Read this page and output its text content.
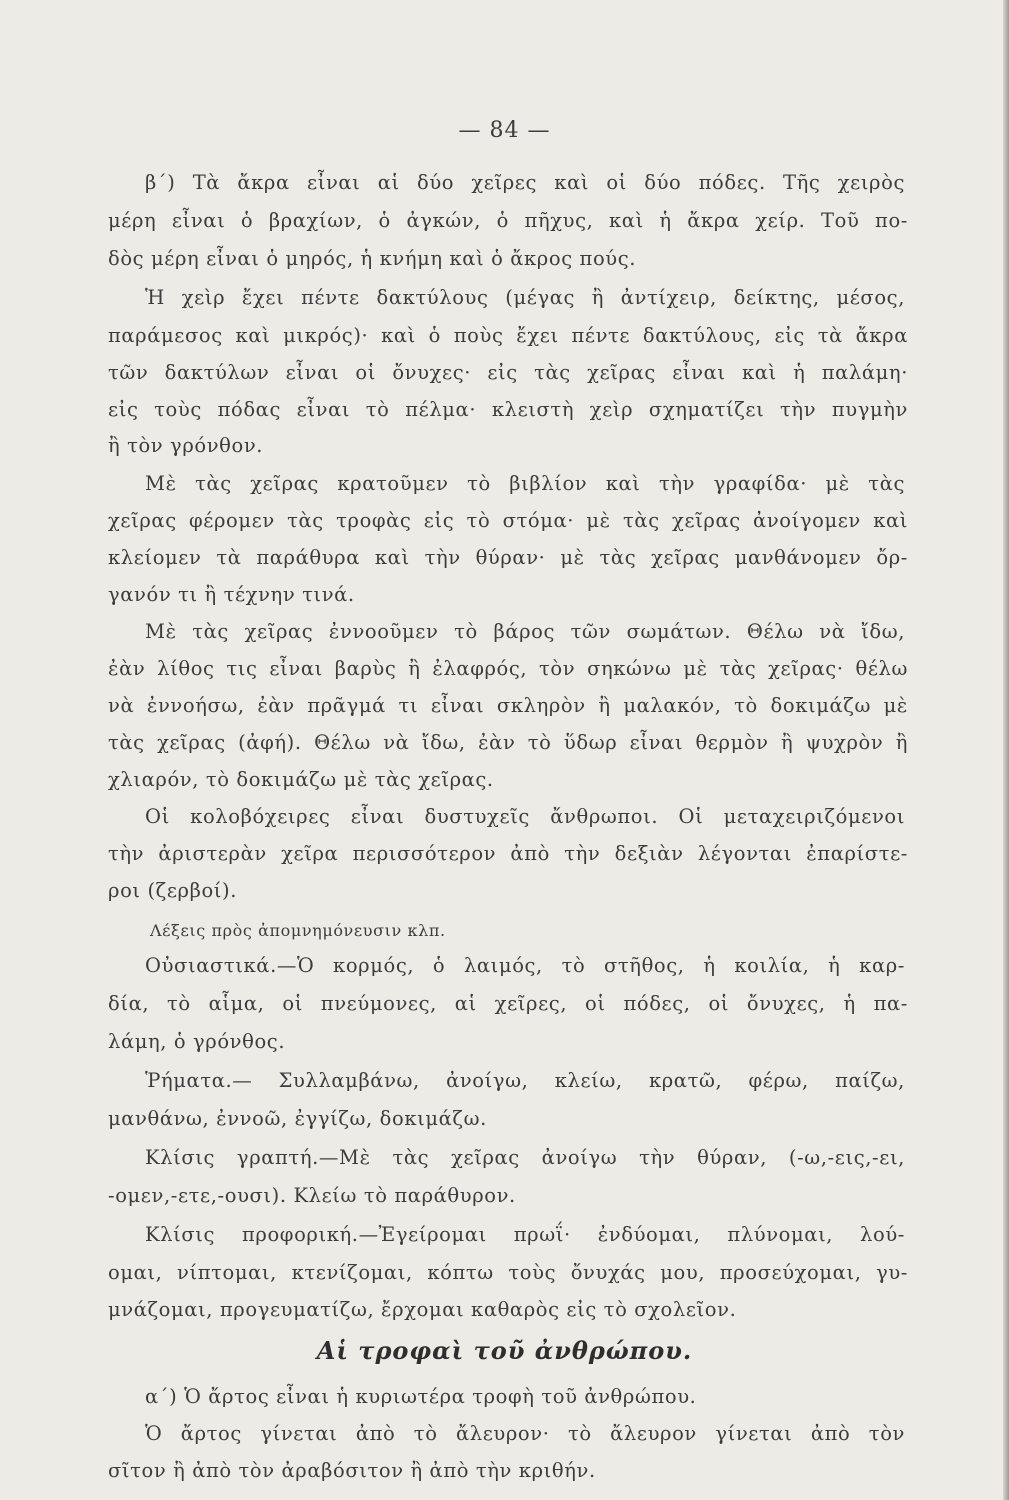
— 84 —
β΄) Τὰ ἄκρα εἶναι αἱ δύο χεῖρες καὶ οἱ δύο πόδες. Τῆς χειρὸς
μέρη εἶναι ὁ βραχίων, ὁ ἀγκών, ὁ πῆχυς, καὶ ἡ ἄκρα χείρ. Τοῦ πο-
δὸς μέρη εἶναι ὁ μηρός, ἡ κνήμη καὶ ὁ ἄκρος πούς.
Ἡ χεὶρ ἔχει πέντε δακτύλους (μέγας ἢ ἀντίχειρ, δείκτης, μέσος,
παράμεσος καὶ μικρός)· καὶ ὁ ποὺς ἔχει πέντε δακτύλους, εἰς τὰ ἄκρα
τῶν δακτύλων εἶναι οἱ ὄνυχες· εἰς τὰς χεῖρας εἶναι καὶ ἡ παλάμη·
εἰς τοὺς πόδας εἶναι τὸ πέλμα· κλειστὴ χεὶρ σχηματίζει τὴν πυγμὴν
ἢ τὸν γρόνθον.
Μὲ τὰς χεῖρας κρατοῦμεν τὸ βιβλίον καὶ τὴν γραφίδα· μὲ τὰς
χεῖρας φέρομεν τὰς τροφὰς εἰς τὸ στόμα· μὲ τὰς χεῖρας ἀνοίγομεν καὶ
κλείομεν τὰ παράθυρα καὶ τὴν θύραν· μὲ τὰς χεῖρας μανθάνομεν ὄρ-
γανόν τι ἢ τέχνην τινά.
Μὲ τὰς χεῖρας ἐννοοῦμεν τὸ βάρος τῶν σωμάτων. Θέλω νὰ ἴδω,
ἐὰν λίθος τις εἶναι βαρὺς ἢ ἐλαφρός, τὸν σηκώνω μὲ τὰς χεῖρας· θέλω
νὰ ἐννοήσω, ἐὰν πρᾶγμά τι εἶναι σκληρὸν ἢ μαλακόν, τὸ δοκιμάζω μὲ
τὰς χεῖρας (ἀφή). Θέλω νὰ ἴδω, ἐὰν τὸ ὕδωρ εἶναι θερμὸν ἢ ψυχρὸν ἢ
χλιαρόν, τὸ δοκιμάζω μὲ τὰς χεῖρας.
Οἱ κολοβόχειρες εἶναι δυστυχεῖς ἄνθρωποι. Οἱ μεταχειριζόμενοι
τὴν ἀριστερὰν χεῖρα περισσότερον ἀπὸ τὴν δεξιὰν λέγονται ἐπαρίστε-
ροι (ζερβοί).
Λέξεις πρὸς ἀπομνημόνευσιν κλπ.
Οὐσιαστικά.—Ὁ κορμός, ὁ λαιμός, τὸ στῆθος, ἡ κοιλία, ἡ καρ-
δία, τὸ αἷμα, οἱ πνεύμονες, αἱ χεῖρες, οἱ πόδες, οἱ ὄνυχες, ἡ πα-
λάμη, ὁ γρόνθος.
Ῥήματα.— Συλλαμβάνω, ἀνοίγω, κλείω, κρατῶ, φέρω, παίζω,
μανθάνω, ἐννοῶ, ἐγγίζω, δοκιμάζω.
Κλίσις γραπτή.—Μὲ τὰς χεῖρας ἀνοίγω τὴν θύραν, (-ω,-εις,-ει,
-ομεν,-ετε,-ουσι). Κλείω τὸ παράθυρον.
Κλίσις προφορική.—Ἐγείρομαι πρωΐ· ἐνδύομαι, πλύνομαι, λού-
ομαι, νίπτομαι, κτενίζομαι, κόπτω τοὺς ὄνυχάς μου, προσεύχομαι, γυ-
μνάζομαι, προγευματίζω, ἔρχομαι καθαρὸς εἰς τὸ σχολεῖον.
Αἱ τροφαὶ τοῦ ἀνθρώπου.
α΄) Ὁ ἄρτος εἶναι ἡ κυριωτέρα τροφὴ τοῦ ἀνθρώπου.
Ὁ ἄρτος γίνεται ἀπὸ τὸ ἄλευρον· τὸ ἄλευρον γίνεται ἀπὸ τὸν
σῖτον ἢ ἀπὸ τὸν ἀραβόσιτον ἢ ἀπὸ τὴν κριθήν.
